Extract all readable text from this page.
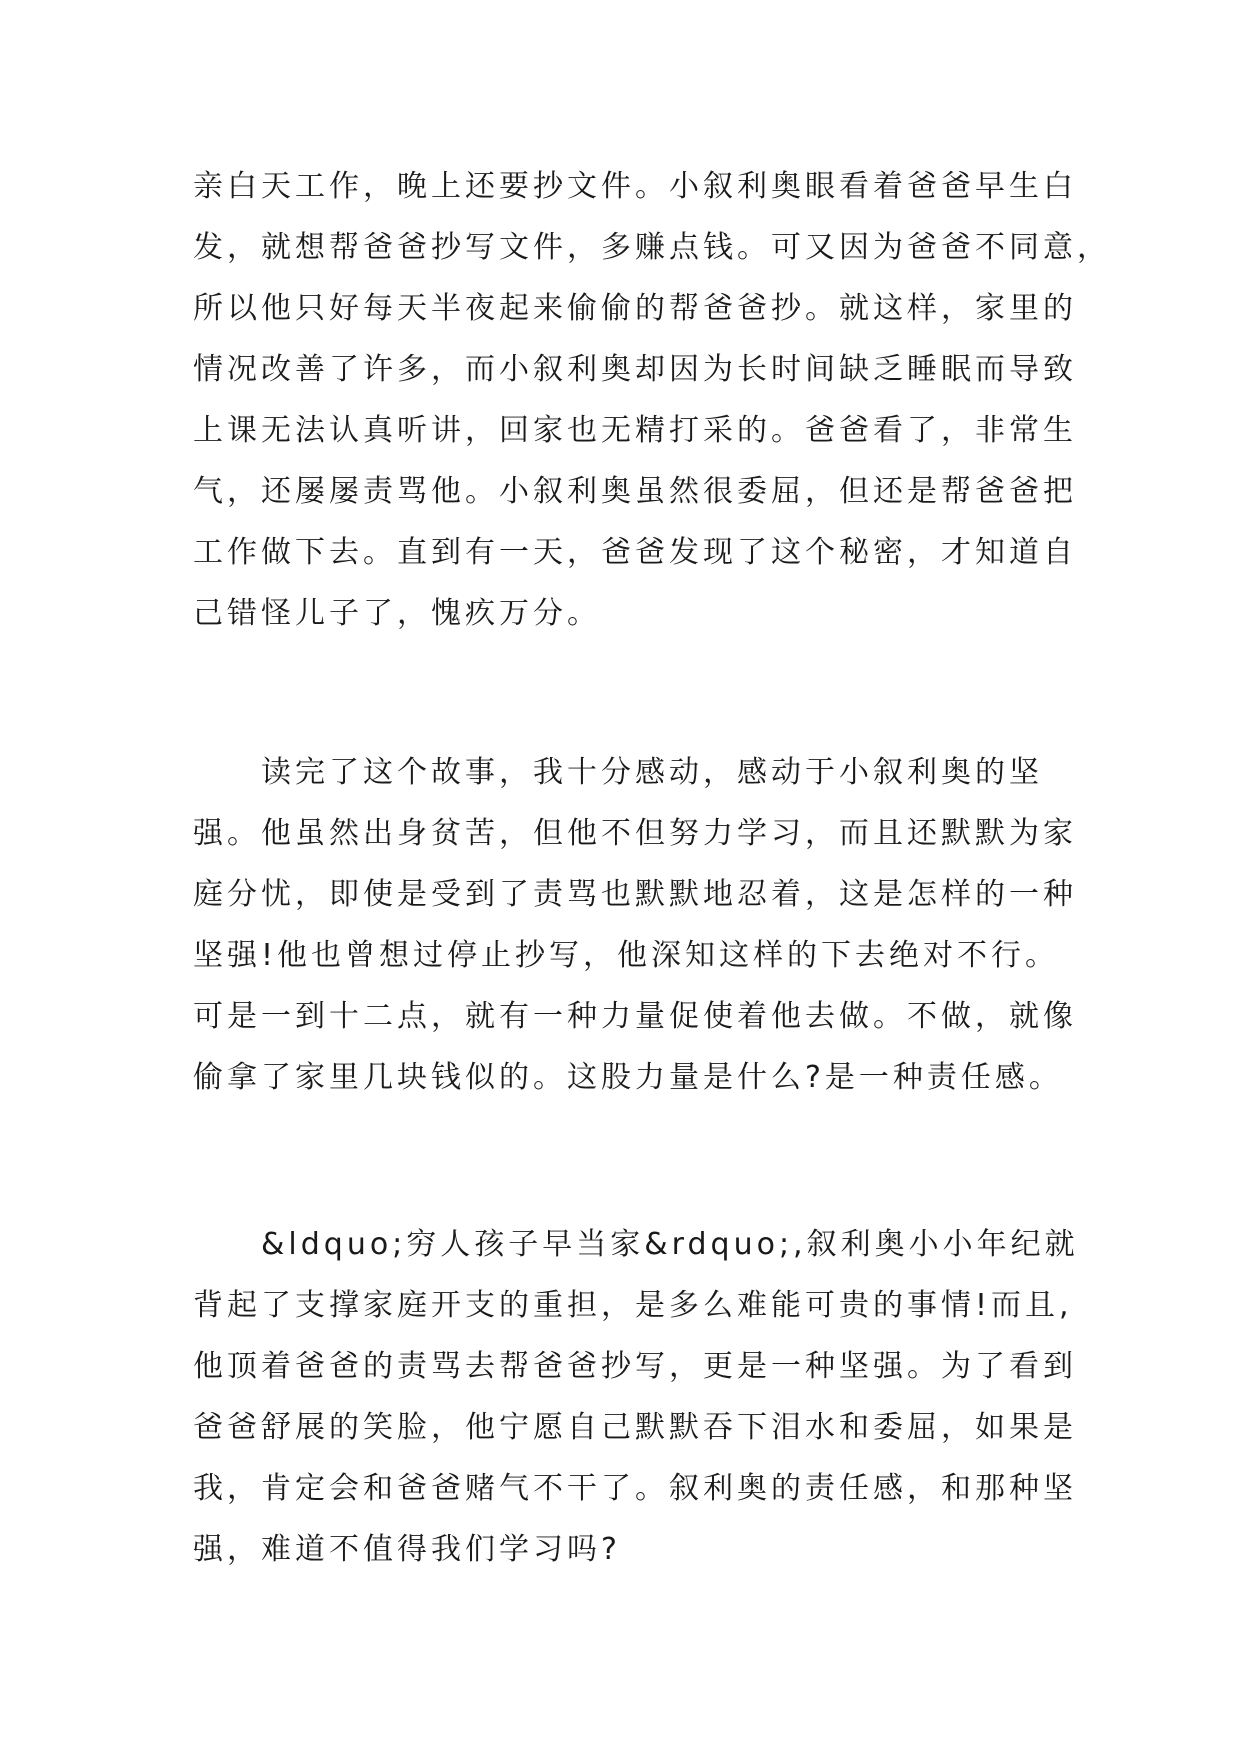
亲白天工作，晚上还要抄文件。小叙利奥眼看着爸爸早生白
发，就想帮爸爸抄写文件，多赚点钱。可又因为爸爸不同意，
所以他只好每天半夜起来偷偷的帮爸爸抄。就这样，家里的
情况改善了许多，而小叙利奥却因为长时间缺乏睡眠而导致
上课无法认真听讲，回家也无精打采的。爸爸看了，非常生
气，还屡屡责骂他。小叙利奥虽然很委屈，但还是帮爸爸把
工作做下去。直到有一天，爸爸发现了这个秘密，才知道自
己错怪儿子了，愧疚万分。
　　读完了这个故事，我十分感动，感动于小叙利奥的坚
强。他虽然出身贫苦，但他不但努力学习，而且还默默为家
庭分忧，即使是受到了责骂也默默地忍着，这是怎样的一种
坚强!他也曾想过停止抄写，他深知这样的下去绝对不行。
可是一到十二点，就有一种力量促使着他去做。不做，就像
偷拿了家里几块钱似的。这股力量是什么?是一种责任感。
　　&ldquo;穷人孩子早当家&rdquo;,叙利奥小小年纪就
背起了支撑家庭开支的重担，是多么难能可贵的事情!而且,
他顶着爸爸的责骂去帮爸爸抄写，更是一种坚强。为了看到
爸爸舒展的笑脸，他宁愿自己默默吞下泪水和委屈，如果是
我，肯定会和爸爸赌气不干了。叙利奥的责任感，和那种坚
强，难道不值得我们学习吗?
